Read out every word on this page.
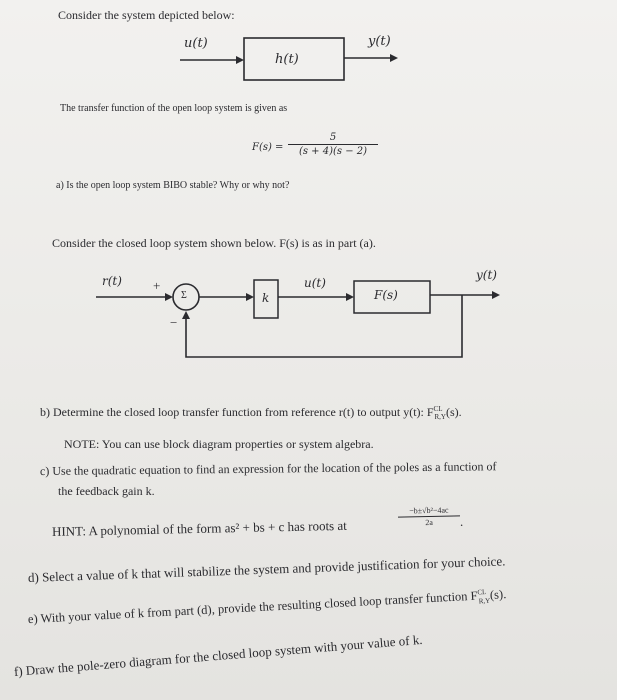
Consider the system depicted below:
u(t)
h(t)
y(t)
The transfer function of the open loop system is given as
$F(s) = \frac{5}{(s + 4)(s - 2)}$
a) Is the open loop system BIBO stable? Why or why not?
Consider the closed loop system shown below. F(s) is as in part (a).
r(t) +
−
Σ	k
u(t)
F(s)
y(t)
b) Determine the closed loop transfer function from reference r(t) to output y(t): $F^{CL}_{R,Y}(s)$.
NOTE: You can use block diagram properties or system algebra.
c) Use the quadratic equation to find an expression for the location of the poles as a function of
the feedback gain k.
HINT: A polynomial of the form as² + bs + c has roots at
$\frac{\text{−b±√b²−4ac}}{2a}$ .
d) Select a value of k that will stabilize the system and provide justification for your choice.
e) With your value of k from part (d), provide the resulting closed loop transfer function $F^{CL}_{R,Y}(s)$.
f) Draw the pole-zero diagram for the closed loop system with your value of k.
